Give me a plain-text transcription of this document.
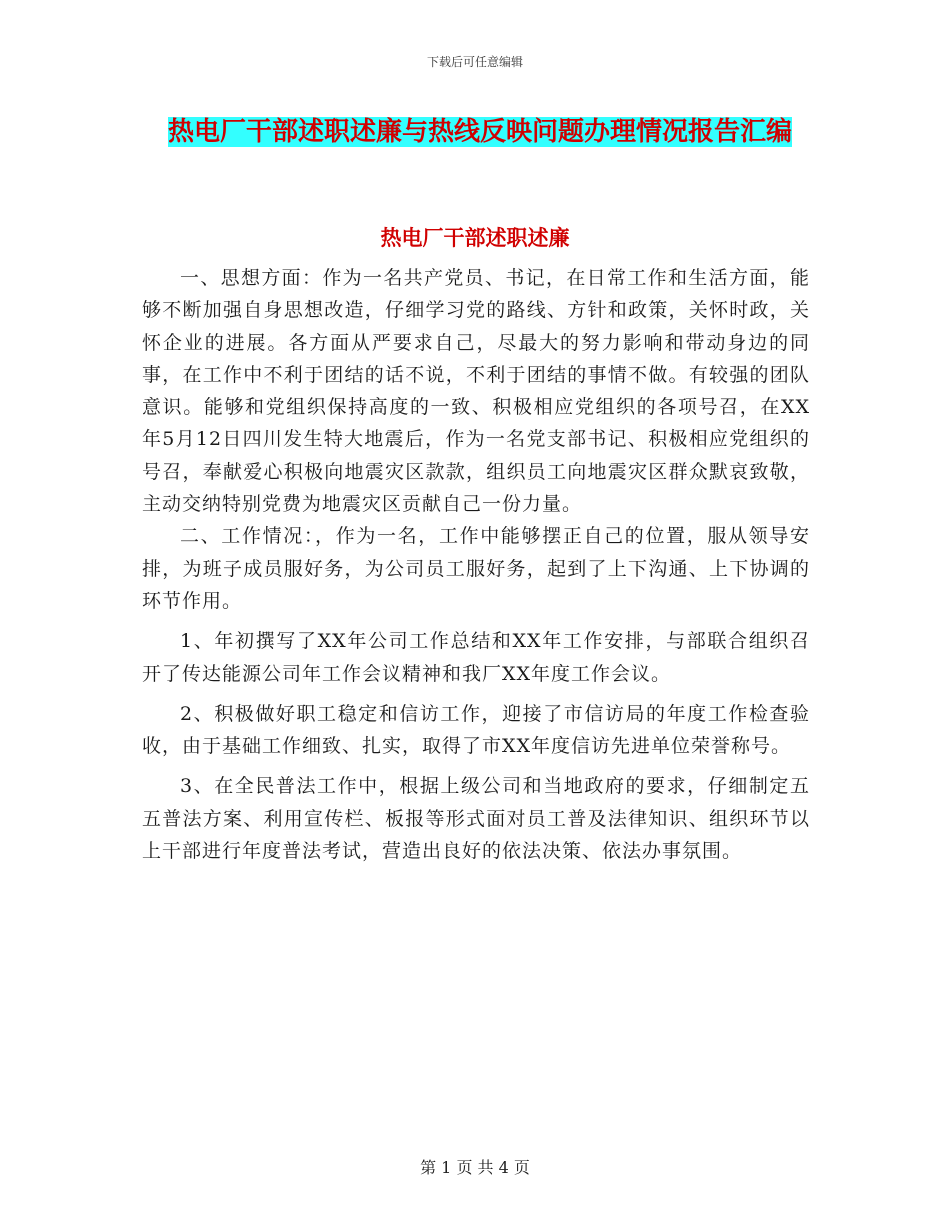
下载后可任意编辑
热电厂干部述职述廉与热线反映问题办理情况报告汇编
热电厂干部述职述廉

一、思想方面：作为一名共产党员、书记，在日常工作和生活方面，能够不断加强自身思想改造，仔细学习党的路线、方针和政策，关怀时政，关怀企业的进展。各方面从严要求自己，尽最大的努力影响和带动身边的同事，在工作中不利于团结的话不说，不利于团结的事情不做。有较强的团队意识。能够和党组织保持高度的一致、积极相应党组织的各项号召，在XX年5月12日四川发生特大地震后，作为一名党支部书记、积极相应党组织的号召，奉献爱心积极向地震灾区款款，组织员工向地震灾区群众默哀致敬，主动交纳特别党费为地震灾区贡献自己一份力量。

二、工作情况：，作为一名，工作中能够摆正自己的位置，服从领导安排，为班子成员服好务，为公司员工服好务，起到了上下沟通、上下协调的环节作用。

1、年初撰写了XX年公司工作总结和XX年工作安排，与部联合组织召开了传达能源公司年工作会议精神和我厂XX年度工作会议。

2、积极做好职工稳定和信访工作，迎接了市信访局的年度工作检查验收，由于基础工作细致、扎实，取得了市XX年度信访先进单位荣誉称号。

3、在全民普法工作中，根据上级公司和当地政府的要求，仔细制定五五普法方案、利用宣传栏、板报等形式面对员工普及法律知识、组织环节以上干部进行年度普法考试，营造出良好的依法决策、依法办事氛围。

第 1 页 共 4 页
